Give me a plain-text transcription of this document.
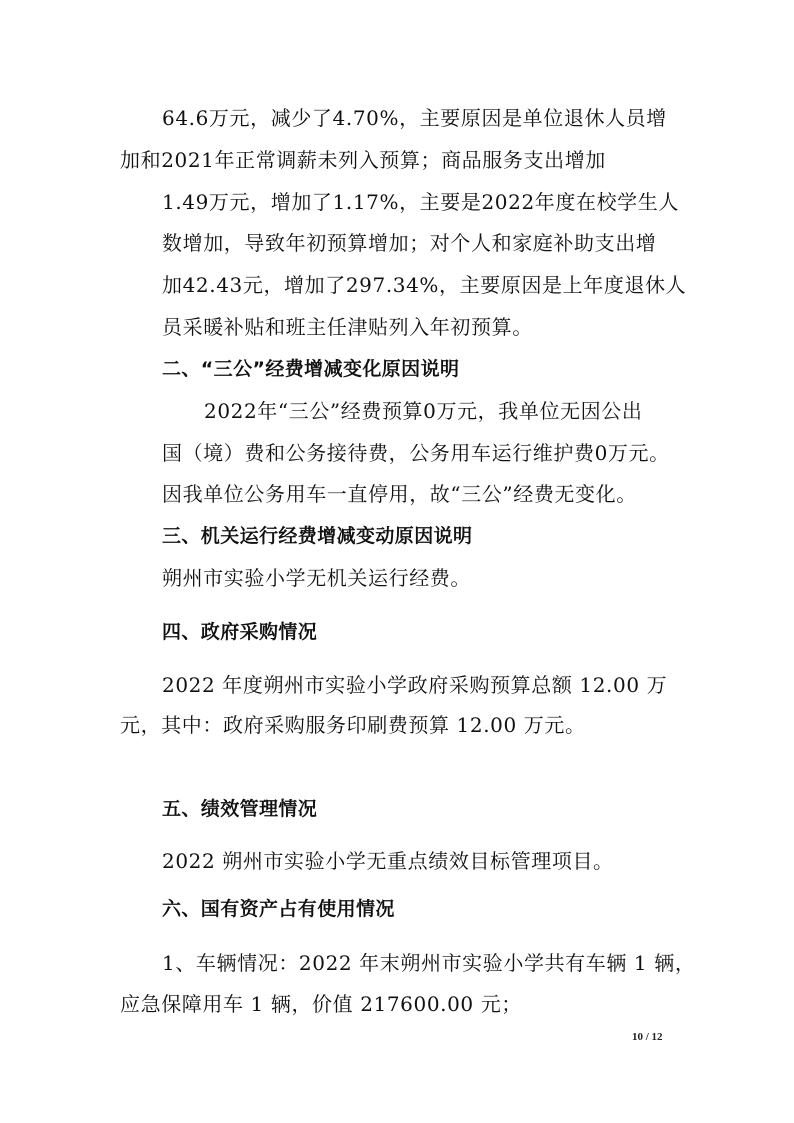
64.6万元，减少了4.70%，主要原因是单位退休人员增
加和2021年正常调薪未列入预算；商品服务支出增加
1.49万元，增加了1.17%，主要是2022年度在校学生人
数增加，导致年初预算增加；对个人和家庭补助支出增
加42.43元，增加了297.34%，主要原因是上年度退休人
员采暖补贴和班主任津贴列入年初预算。
二、“三公”经费增减变化原因说明
2022年“三公”经费预算0万元，我单位无因公出
国（境）费和公务接待费，公务用车运行维护费0万元。
因我单位公务用车一直停用，故“三公”经费无变化。
三、机关运行经费增减变动原因说明
朔州市实验小学无机关运行经费。
四、政府采购情况
2022 年度朔州市实验小学政府采购预算总额 12.00 万
元，其中：政府采购服务印刷费预算 12.00 万元。
五、绩效管理情况
2022 朔州市实验小学无重点绩效目标管理项目。
六、国有资产占有使用情况
1、车辆情况：2022 年末朔州市实验小学共有车辆 1 辆，
应急保障用车 1 辆，价值 217600.00 元；
10 / 12
